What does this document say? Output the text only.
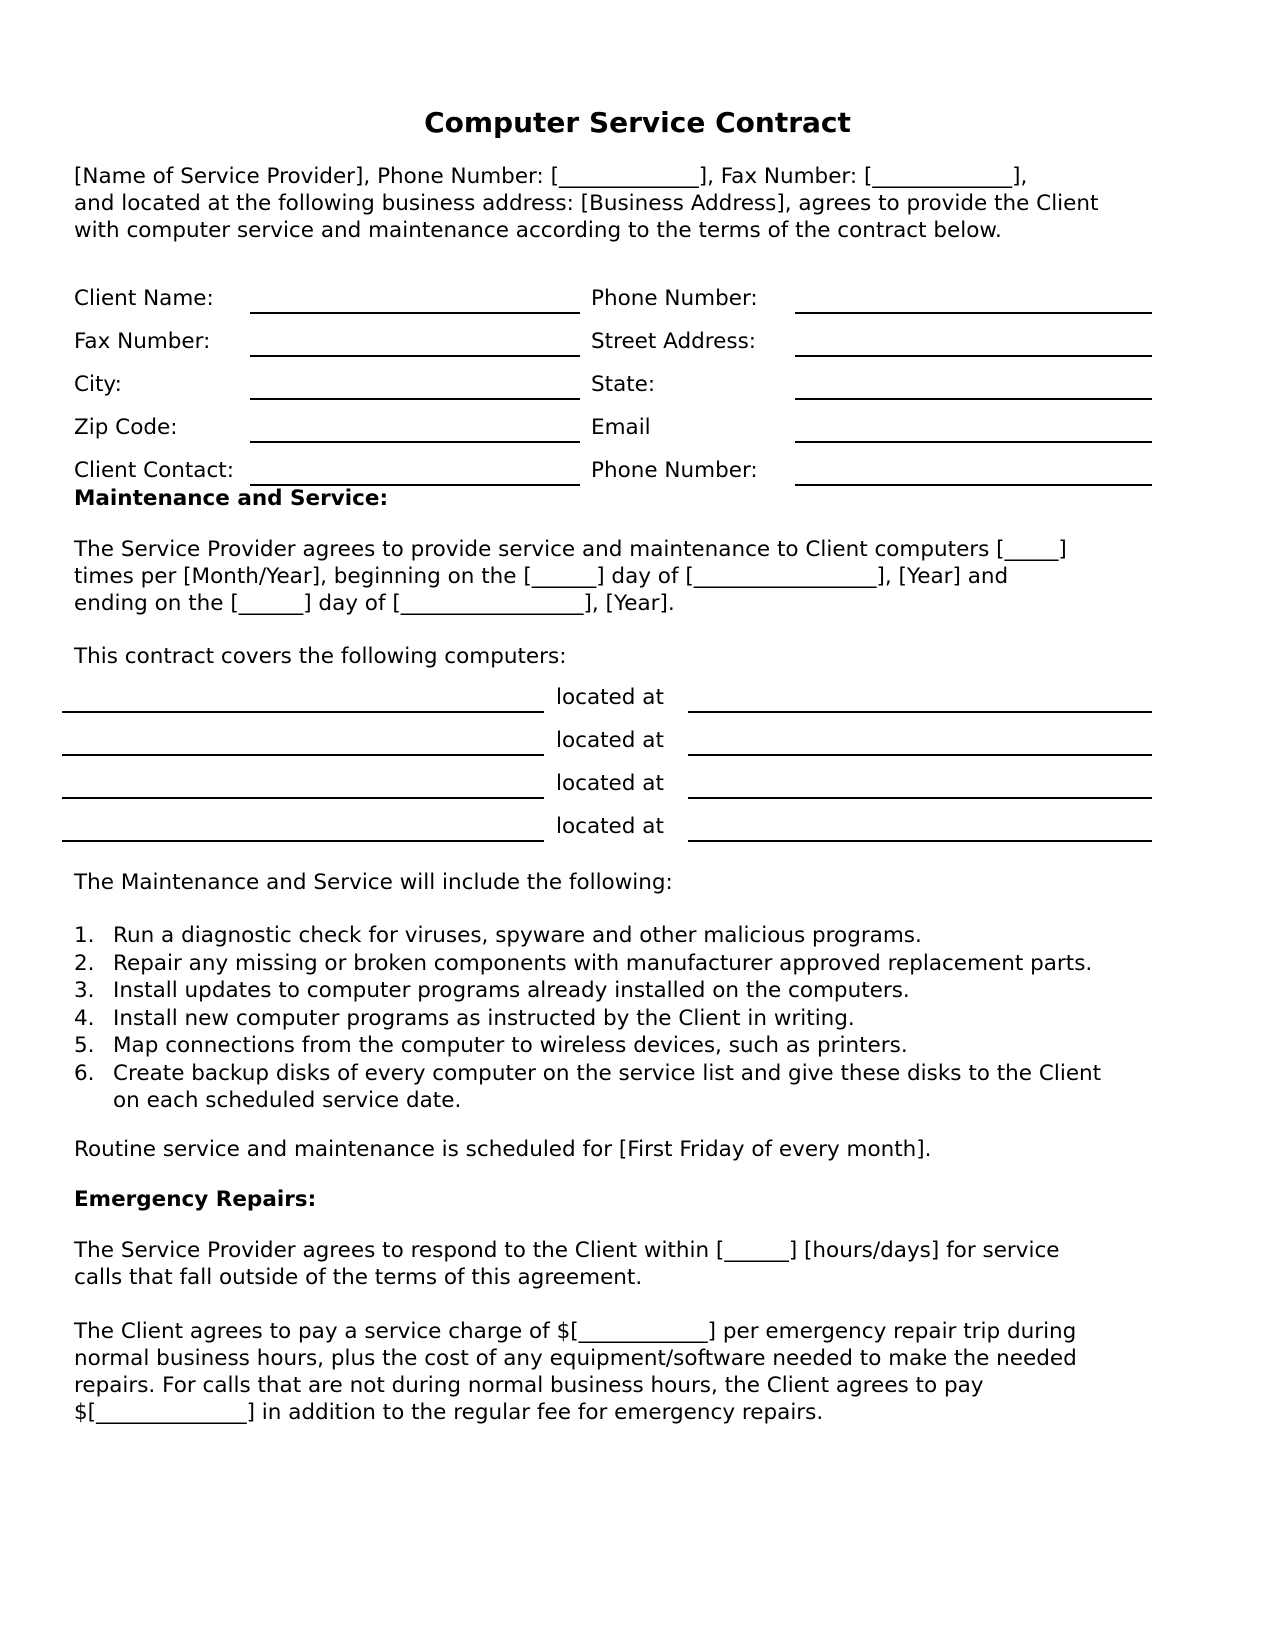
Computer Service Contract
[Name of Service Provider], Phone Number: [_____________], Fax Number: [_____________],
and located at the following business address: [Business Address], agrees to provide the Client
with computer service and maintenance according to the terms of the contract below.
Client Name:	Phone Number:
Fax Number:	Street Address:
City:	State:
Zip Code:	Email
Client Contact:	Phone Number:
Maintenance and Service:
The Service Provider agrees to provide service and maintenance to Client computers [_____]
times per [Month/Year], beginning on the [______] day of [_________________], [Year] and
ending on the [______] day of [_________________], [Year].
This contract covers the following computers:
located at
located at
located at
located at
The Maintenance and Service will include the following:
1. Run a diagnostic check for viruses, spyware and other malicious programs.
2. Repair any missing or broken components with manufacturer approved replacement parts.
3. Install updates to computer programs already installed on the computers.
4. Install new computer programs as instructed by the Client in writing.
5. Map connections from the computer to wireless devices, such as printers.
6. Create backup disks of every computer on the service list and give these disks to the Client on each scheduled service date.
Routine service and maintenance is scheduled for [First Friday of every month].
Emergency Repairs:
The Service Provider agrees to respond to the Client within [______] [hours/days] for service
calls that fall outside of the terms of this agreement.
The Client agrees to pay a service charge of $[____________] per emergency repair trip during
normal business hours, plus the cost of any equipment/software needed to make the needed
repairs. For calls that are not during normal business hours, the Client agrees to pay
$[______________] in addition to the regular fee for emergency repairs.
